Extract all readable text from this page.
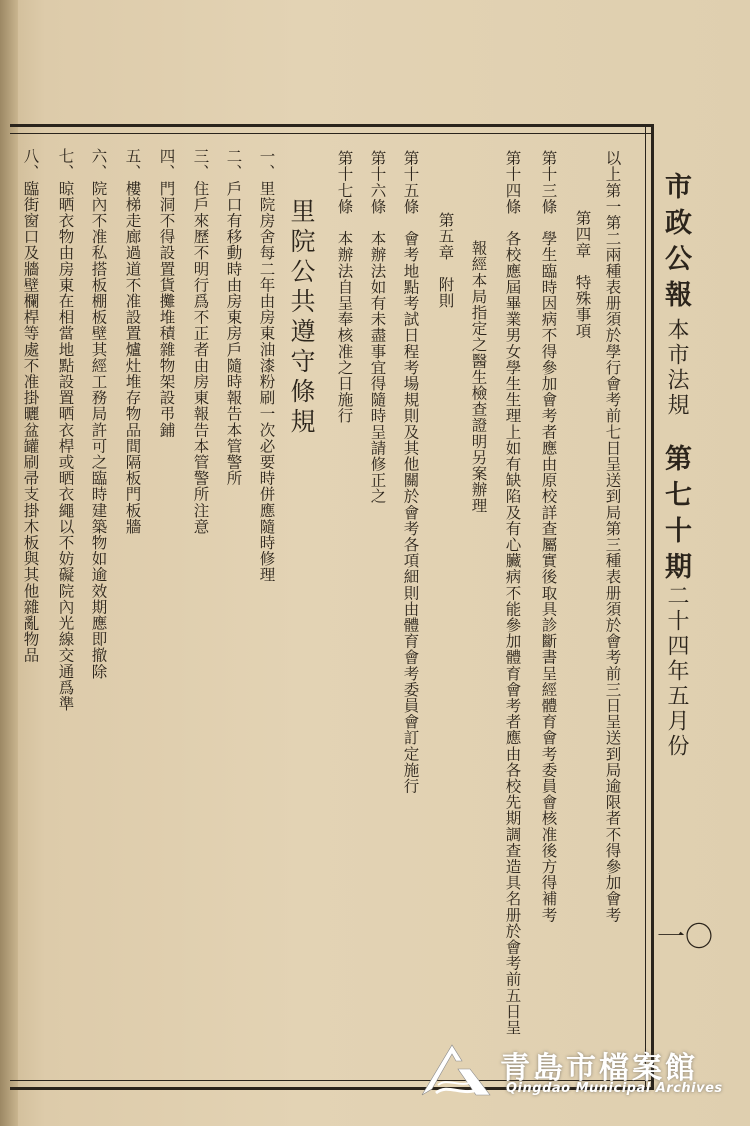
市政公報
本市法規
第七十期
二十四年五月份
一〇
以上第一第二兩種表册須於學行會考前七日呈送到局第三種表册須於會考前三日呈送到局逾限者不得參加會考
第四章　特殊事項
第十三條　學生臨時因病不得參加會考者應由原校詳查屬實後取具診斷書呈經體育會考委員會核准後方得補考
第十四條　各校應屆畢業男女學生生理上如有缺陷及有心臟病不能參加體育會考者應由各校先期調查造具名册於會考前五日呈
報經本局指定之醫生檢查證明另案辦理
第五章　附則
第十五條　會考地點考試日程考場規則及其他關於會考各項細則由體育會考委員會訂定施行
第十六條　本辦法如有未盡事宜得隨時呈請修正之
第十七條　本辦法自呈奉核准之日施行
里院公共遵守條規
一、里院房舍每二年由房東油漆粉刷一次必要時併應隨時修理
二、戶口有移動時由房東房戶隨時報告本管警所
三、住戶來歷不明行爲不正者由房東報告本管警所注意
四、門洞不得設置貨攤堆積雜物架設弔鋪
五、樓梯走廊過道不准設置爐灶堆存物品間隔板門板牆
六、院內不准私搭板棚板壁其經工務局許可之臨時建築物如逾效期應即撤除
七、晾晒衣物由房東在相當地點設置晒衣桿或晒衣繩以不妨礙院內光線交通爲準
八、臨街窗口及牆壁欄桿等處不准掛曬盆罐刷帚支掛木板與其他雜亂物品
青島市檔案館
Qingdao Municipal Archives
